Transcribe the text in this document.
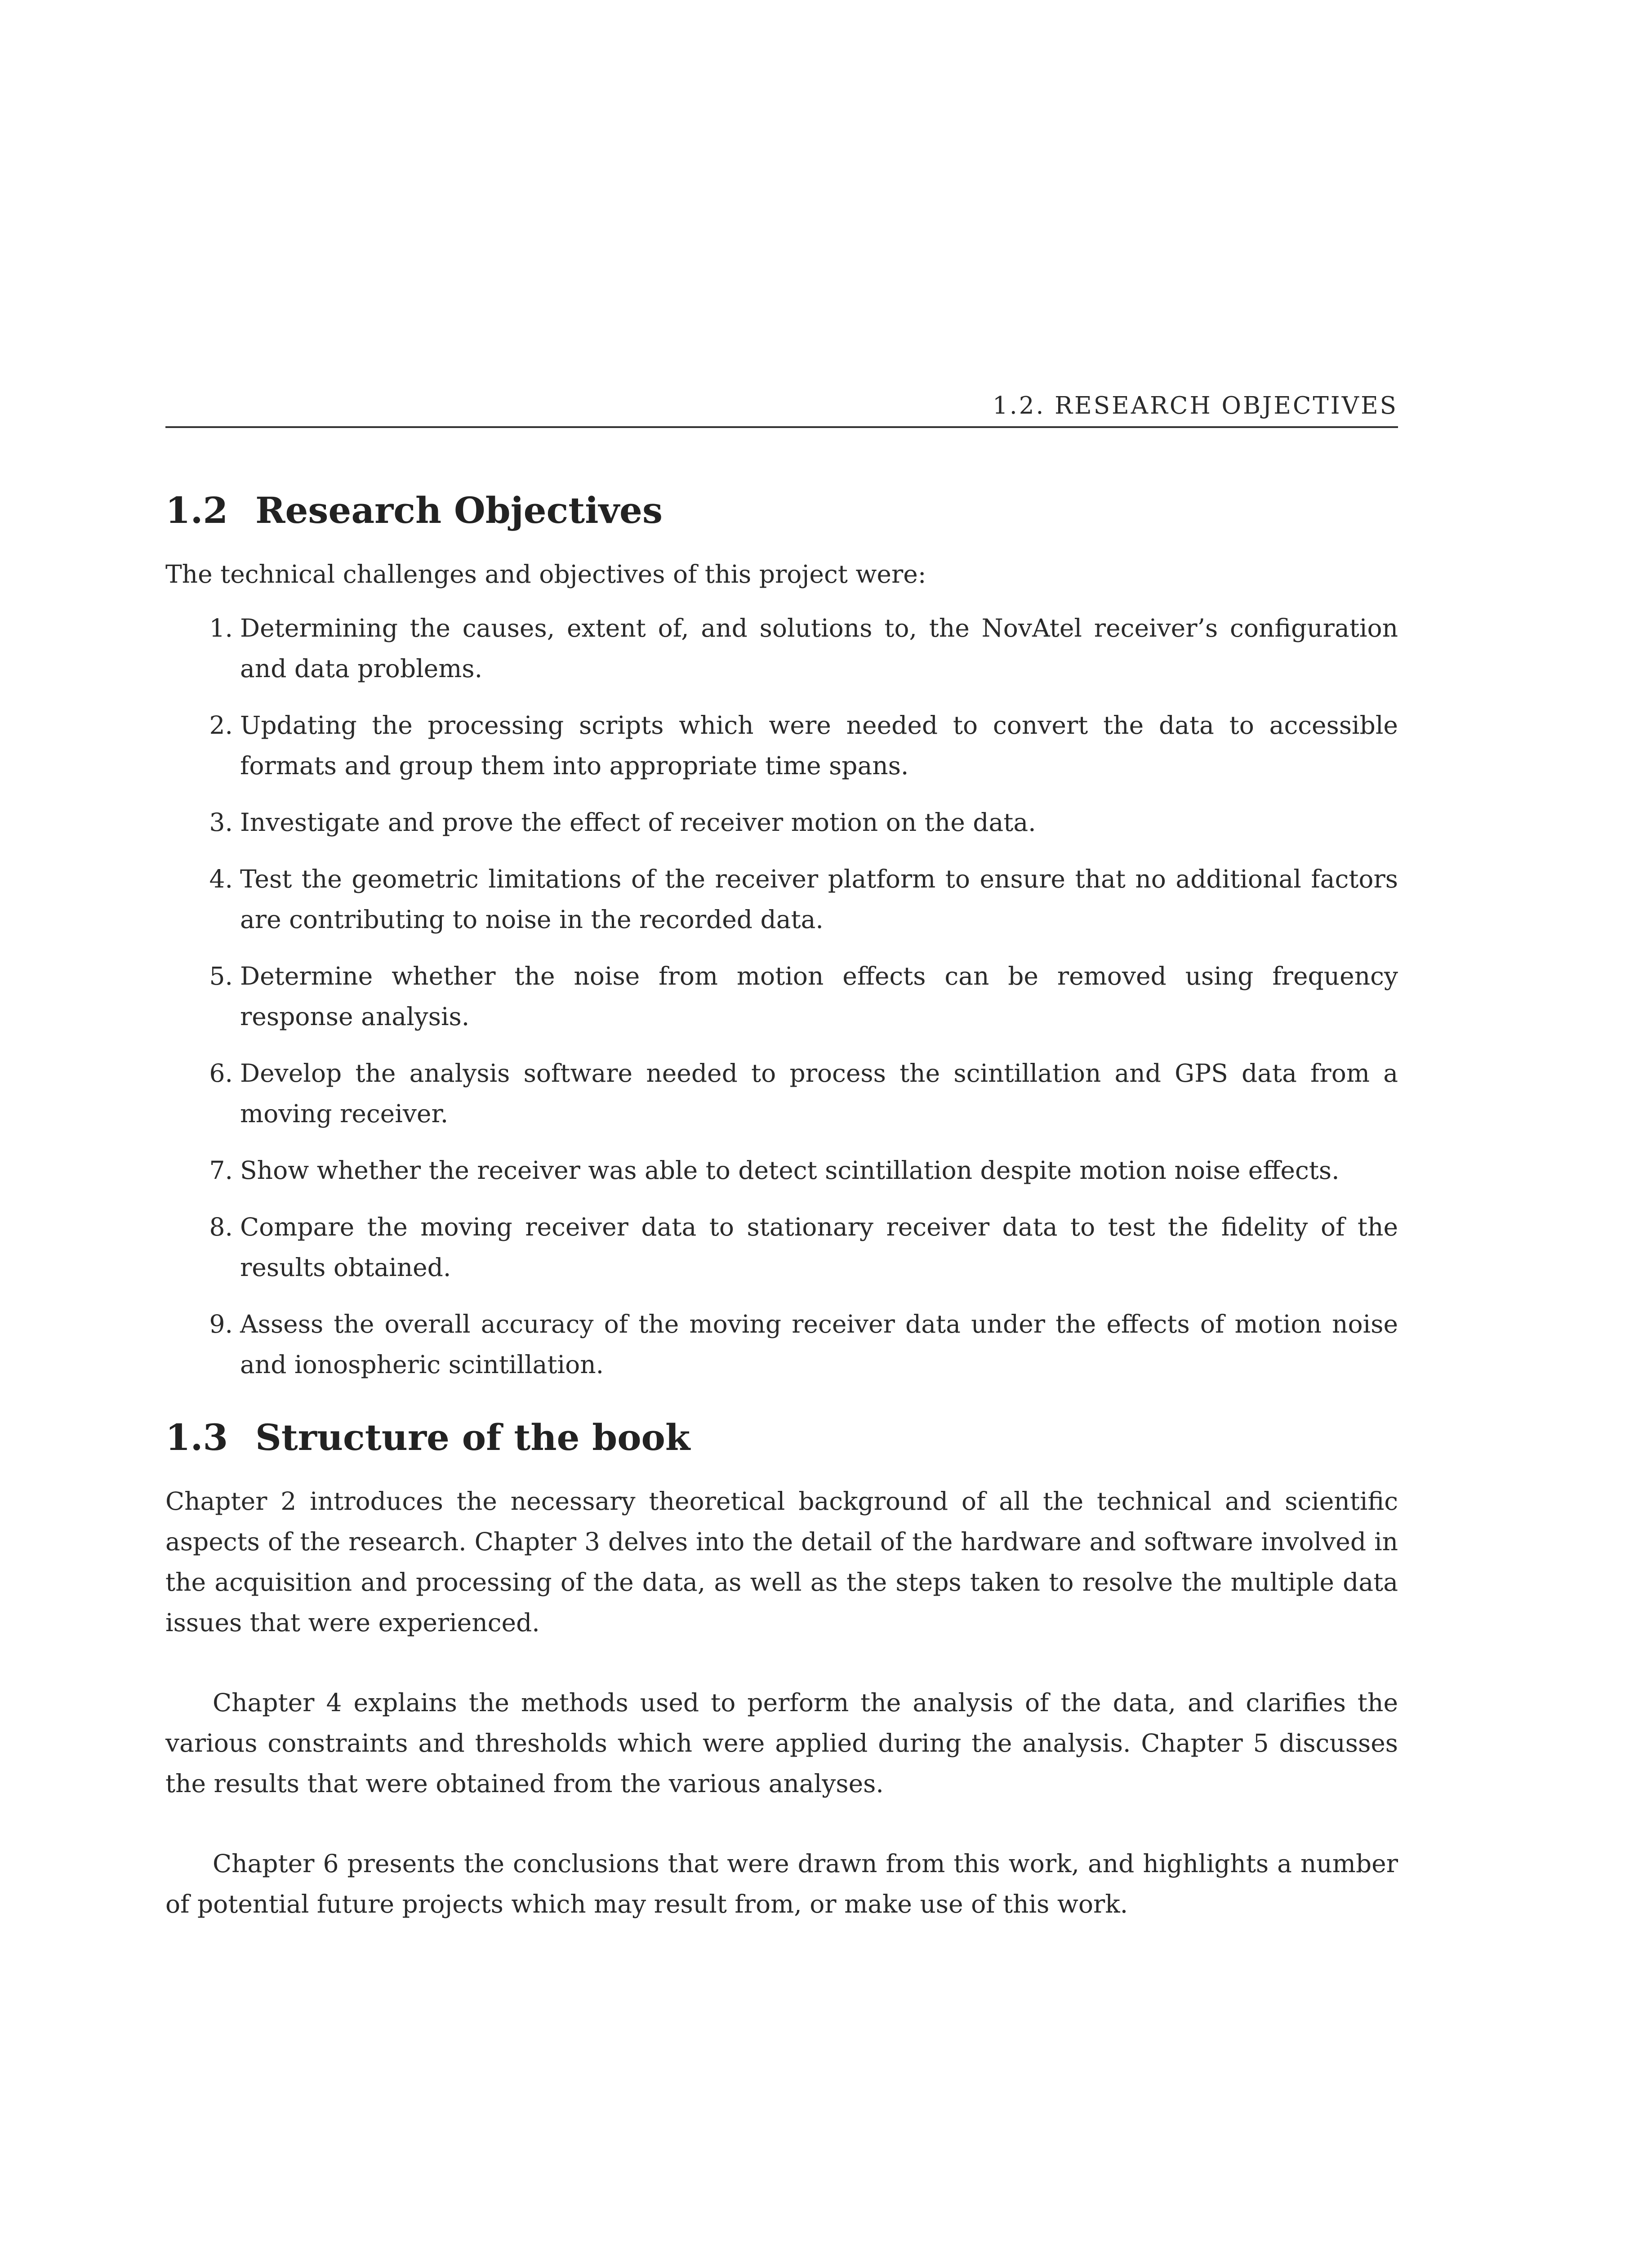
1.2. RESEARCH OBJECTIVES
1.2 Research Objectives

The technical challenges and objectives of this project were:

1. Determining the causes, extent of, and solutions to, the NovAtel receiver’s configuration and data problems.
2. Updating the processing scripts which were needed to convert the data to accessible formats and group them into appropriate time spans.
3. Investigate and prove the effect of receiver motion on the data.
4. Test the geometric limitations of the receiver platform to ensure that no additional factors are contributing to noise in the recorded data.
5. Determine whether the noise from motion effects can be removed using frequency response analysis.
6. Develop the analysis software needed to process the scintillation and GPS data from a moving receiver.
7. Show whether the receiver was able to detect scintillation despite motion noise effects.
8. Compare the moving receiver data to stationary receiver data to test the fidelity of the results obtained.
9. Assess the overall accuracy of the moving receiver data under the effects of motion noise and ionospheric scintillation.
1.3 Structure of the book

Chapter 2 introduces the necessary theoretical background of all the technical and scientific aspects of the research. Chapter 3 delves into the detail of the hardware and software involved in the acquisition and processing of the data, as well as the steps taken to resolve the multiple data issues that were experienced.

Chapter 4 explains the methods used to perform the analysis of the data, and clarifies the various constraints and thresholds which were applied during the analysis. Chapter 5 discusses the results that were obtained from the various analyses.

Chapter 6 presents the conclusions that were drawn from this work, and highlights a number of potential future projects which may result from, or make use of this work.
